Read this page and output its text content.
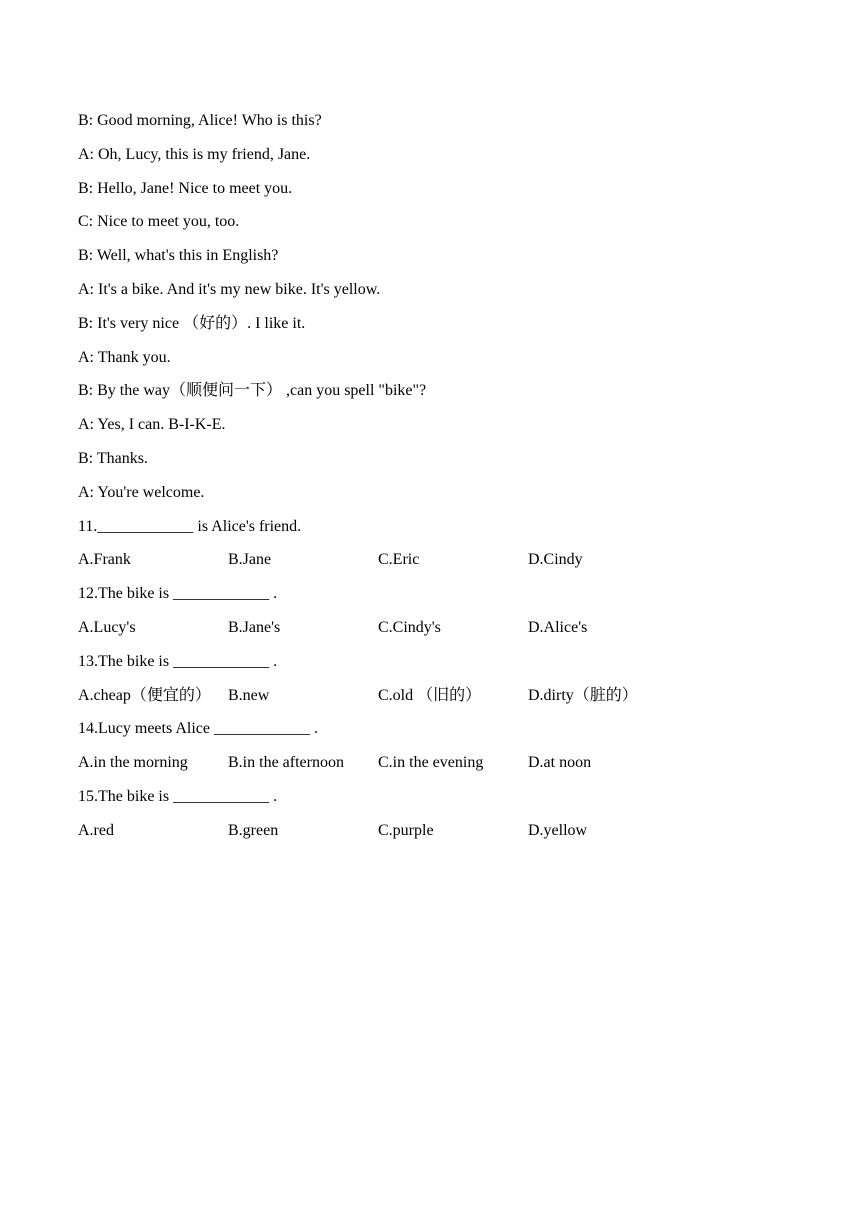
B: Good morning, Alice! Who is this?
A: Oh, Lucy, this is my friend, Jane.
B: Hello, Jane! Nice to meet you.
C: Nice to meet you, too.
B: Well, what's this in English?
A: It's a bike. And it's my new bike. It's yellow.
B: It's very nice （好的）. I like it.
A: Thank you.
B: By the way（顺便问一下） ,can you spell "bike"?
A: Yes, I can. B-I-K-E.
B: Thanks.
A: You're welcome.
11.____________ is Alice's friend.
A.Frank	B.Jane	C.Eric	D.Cindy
12.The bike is ____________ .
A.Lucy's	B.Jane's	C.Cindy's	D.Alice's
13.The bike is ____________ .
A.cheap（便宜的） B.new	C.old （旧的）	D.dirty（脏的）
14.Lucy meets Alice ____________ .
A.in the morning	B.in the afternoon C.in the evening	D.at noon
15.The bike is ____________ .
A.red	B.green	C.purple	D.yellow
